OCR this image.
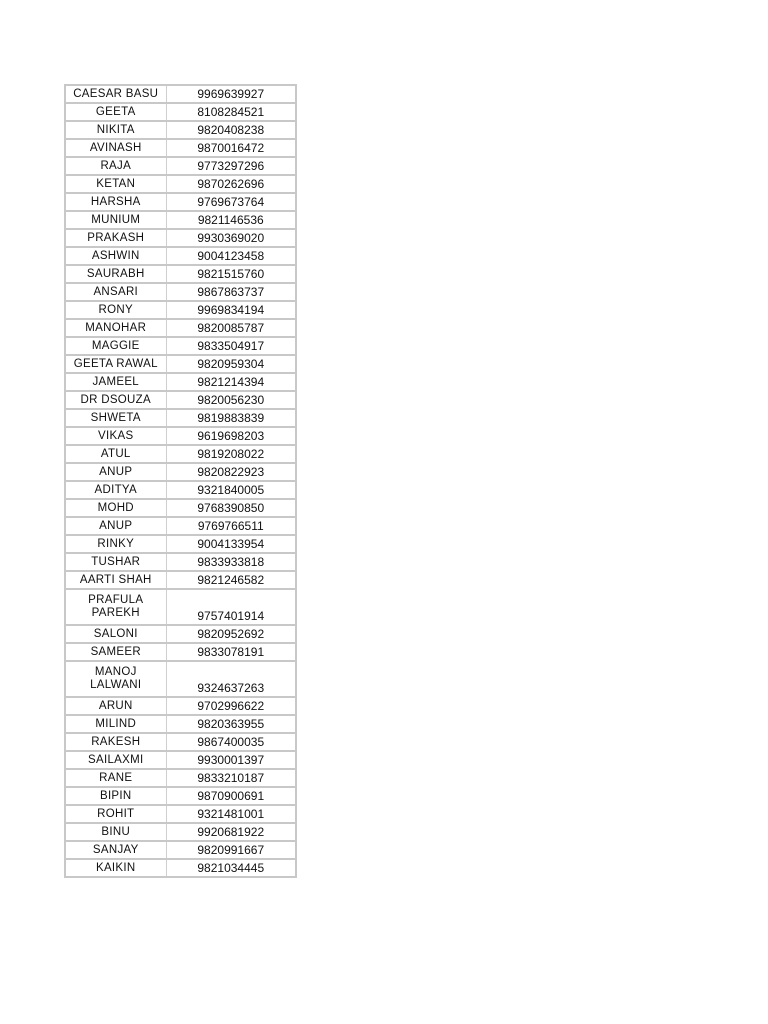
CAESAR BASU	9969639927
GEETA	8108284521
NIKITA	9820408238
AVINASH	9870016472
RAJA	9773297296
KETAN	9870262696
HARSHA	9769673764
MUNIUM	9821146536
PRAKASH	9930369020
ASHWIN	9004123458
SAURABH	9821515760
ANSARI	9867863737
RONY	9969834194
MANOHAR	9820085787
MAGGIE	9833504917
GEETA RAWAL	9820959304
JAMEEL	9821214394
DR DSOUZA	9820056230
SHWETA	9819883839
VIKAS	9619698203
ATUL	9819208022
ANUP	9820822923
ADITYA	9321840005
MOHD	9768390850
ANUP	9769766511
RINKY	9004133954
TUSHAR	9833933818
AARTI SHAH	9821246582
PRAFULA PAREKH	9757401914
SALONI	9820952692
SAMEER	9833078191
MANOJ LALWANI	9324637263
ARUN	9702996622
MILIND	9820363955
RAKESH	9867400035
SAILAXMI	9930001397
RANE	9833210187
BIPIN	9870900691
ROHIT	9321481001
BINU	9920681922
SANJAY	9820991667
KAIKIN	9821034445
